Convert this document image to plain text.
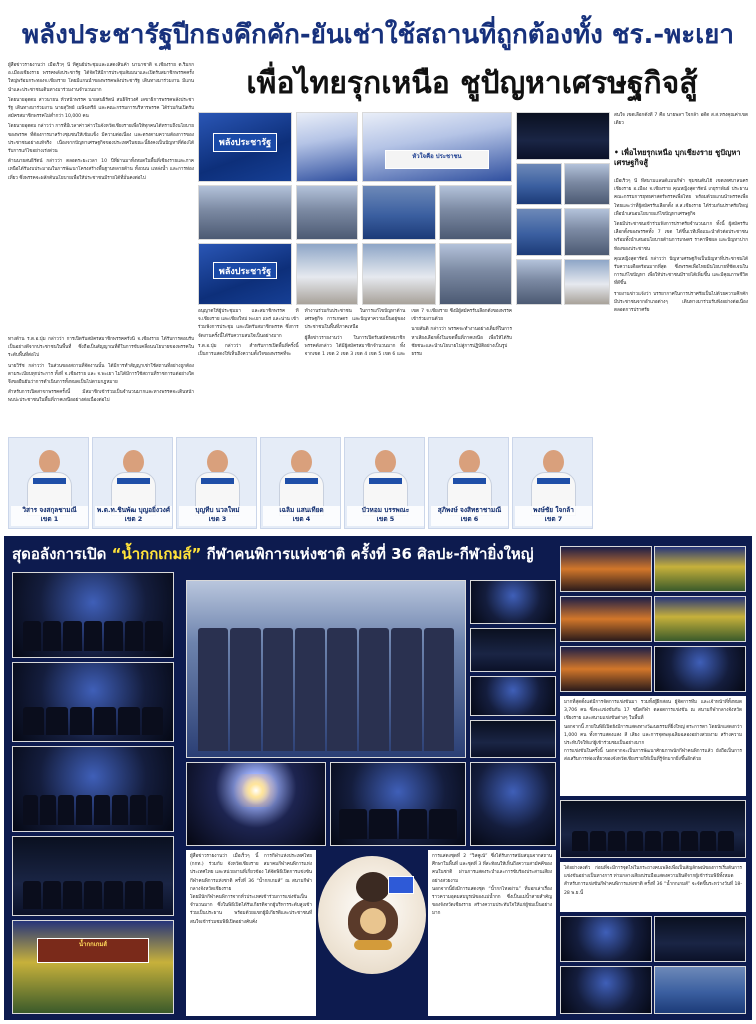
พลังประชารัฐปีกธงคึกคัก-ยันเช่าใช้สถานที่ถูกต้องทั้ง ชร.-พะเยา
เพื่อไทยรุกเหนือ ชูปัญหาเศรษฐกิจสู้

ผู้สื่อข่าวรายงานว่า เมื่อเร็วๆ นี้ ที่ศูนย์ประชุมและแสดงสินค้า นานาชาติ จ.เชียงราย ต.ริมกก อ.เมืองเชียงราย พรรคพลังประชารัฐ ได้จัดให้มีการประชุมสัมมนาและเปิดรับสมาชิกพรรคครั้งใหญ่พร้อมกระทองจ.เชียงราย โดยมีแกนนำของพรรคพลังประชารัฐ เดินทางมาร่วมงาน มีแกนนำและประชาชนเดินทางมาร่วมงานจำนวนมาก

โดยนายอุตตม สาวนายน หัวหน้าพรรค นายสนธิรัตน์ สนธิจิรวงศ์ เลขาธิการพรรคพลังประชารัฐ เดินทางมาร่วมงาน นายสุวิทย์ เมษินทรีย์ และคณะกรรมการบริหารพรรค ได้ร่วมกันเปิดรับสมัครสมาชิกพรรคไม่ต่ำกว่า 10,000 คน

โดยนายอุตตม กล่าวว่า การที่มีเวลาค่าวค่าวในจังหวัดเชียงรายเพื่อให้ทุกคนได้ทราบถึงนโยบายของพรรค ที่ต้องการมาสร้างชุมชนให้เข้มแข็ง มีความต่อเนื่อง และตรงตามความต้องการของประชาชนอย่างแท้จริง เนื่องจากปัญหาเศรษฐกิจของประเทศในขณะนี้ยังคงเป็นปัญหาที่ต้องได้รับการแก้ไขอย่างเร่งด่วน

ด้านนายสนธิรัตน์ กล่าวว่า ตลอดระยะเวลา 10 ปีที่ผ่านมาทั้งหมดในพื้นที่เชียงรายและภาคเหนือได้รับงบประมาณในการพัฒนาโครงสร้างพื้นฐานหลายด้าน ทั้งถนน แหล่งน้ำ และการท่องเที่ยว ซึ่งพรรคจะผลักดันนโยบายเพื่อให้ประชาชนมีรายได้ที่มั่นคงต่อไป

ทางด้าน ร.ต.อ.ปุ่ม กล่าวว่า การเปิดรับสมัครสมาชิกพรรคครั้งนี้ จ.เชียงราย ได้รับการตอบรับเป็นอย่างดีจากประชาชนในพื้นที่ ซึ่งถือเป็นสัญญาณที่ดีในการขับเคลื่อนนโยบายของพรรคในระดับพื้นที่ต่อไป

นายวิรัช กล่าวว่า ในส่วนของสถานที่จัดงานนั้น ได้มีการทำสัญญาเช่าใช้สถานที่อย่างถูกต้องตามระเบียบทุกประการ ทั้งที่ จ.เชียงราย และ จ.พะเยา ไม่ได้มีการใช้สถานที่ราชการแต่อย่างใด จึงขอยืนยันว่าการดำเนินการทั้งหมดเป็นไปตามกฎหมาย

สำหรับการเปิดสาขาพรรคครั้งนี้ มีสมาชิกเข้าร่วมเป็นจำนวนมากและทางพรรคจะเดินหน้าพบปะประชาชนในพื้นที่ภาคเหนืออย่างต่อเนื่องต่อไป

พลังประชารัฐ
หัวใจคือ ประชาชน
พลังประชารัฐ

อนุญาตให้ผู้ประชุมมา และสมาชิกพรรค ที่ จ.เชียงราย และเชียงใหม่ พะเยา แพร่ และน่าน เข้าร่วมฟังการประชุม และเปิดรับสมาชิกพรรค ซึ่งการจัดงานครั้งนี้ได้รับความสนใจเป็นอย่างมาก

ร.ต.อ.ปุ่ม กล่าวว่า สำหรับการเปิดพื้นที่ครั้งนี้เป็นการแสดงให้เห็นถึงความตั้งใจของพรรคที่จะทำงานร่วมกับประชาชน ในการแก้ไขปัญหาด้านเศรษฐกิจ การเกษตร และปัญหาความเป็นอยู่ของประชาชนในพื้นที่ภาคเหนือ

ผู้สื่อข่าวรายงานว่า ในการเปิดรับสมัครสมาชิกพรรคดังกล่าว ได้มีผู้สมัครสมาชิกจำนวนมาก ทั้งจากเขต 1 เขต 2 เขต 3 เขต 4 เขต 5 เขต 6 และ เขต 7 จ.เชียงราย ซึ่งมีผู้สมัครรับเลือกตั้งของพรรคเข้าร่วมงานด้วย

นายสันติ กล่าวว่า พรรคจะทำงานอย่างเต็มที่ในการหาเสียงเลือกตั้งในเขตพื้นที่ภาคเหนือ เพื่อให้ได้รับชัยชนะและนำนโยบายไปสู่การปฏิบัติอย่างเป็นรูปธรรม

สนใจ เขตเลือกตั้งที่ 7 คือ นายพลฯ ใจกล้า อดีต ส.ส.ทรงคุณค่าเขตเดียว

• เพื่อไทยรุกเหนือ บุกเชียงราย ชูปัญหาเศรษฐกิจสู้

เมื่อเร็วๆ นี้ ที่สนามแลนด์แมนกีฬา ชุมชนต้นไฮ้ เขตเทศบาลนครเชียงราย อ.เมือง จ.เชียงราย คุณหญิงสุดารัตน์ เกยุราพันธ์ ประธานคณะกรรมการยุทธศาสตร์พรรคเพื่อไทย พร้อมด้วยแกนนำพรรคเพื่อไทยและว่าที่ผู้สมัครรับเลือกตั้ง ส.ส.เชียงราย ได้ร่วมกันปราศรัยใหญ่เพื่อนำเสนอนโยบายแก้ไขปัญหาเศรษฐกิจ

โดยมีประชาชนเข้าร่วมฟังการปราศรัยจำนวนมาก ทั้งนี้ ผู้สมัครรับเลือกตั้งของพรรคทั้ง 7 เขต ได้ขึ้นเวทีเพื่อแนะนำตัวต่อประชาชน พร้อมทั้งนำเสนอนโยบายด้านการเกษตร ราคาพืชผล และปัญหาปากท้องของประชาชน

คุณหญิงสุดารัตน์ กล่าวว่า ปัญหาเศรษฐกิจเป็นปัญหาที่ประชาชนได้รับความเดือดร้อนมากที่สุด ซึ่งพรรคเพื่อไทยมีนโยบายที่ชัดเจนในการแก้ไขปัญหา เพื่อให้ประชาชนมีรายได้เพิ่มขึ้น และมีคุณภาพชีวิตที่ดีขึ้น

รายงานข่าวแจ้งว่า บรรยากาศในการปราศรัยเป็นไปด้วยความคึกคัก มีประชาชนจากอำเภอต่างๆ เดินทางมาร่วมรับฟังอย่างต่อเนื่อง ตลอดการปราศรัย

วิสาร จงสกุลชามณี
เขต 1
พ.ต.ท.ชินพัฒ บุญอยิ่งวงศ์
เขต 2
บุญทีบ นวลใหม่
เขต 3
เฉลิม แสนเทียด
เขต 4
บัวหอม บรรพณะ
เขต 5
สุภิพงษ์ จงสิทธาชามณี
เขต 6
พงษ์ชัย ใจกล้า
เขต 7
สุดอลังการเปิด “น้ำกกเกมส์” กีฬาคนพิการแห่งชาติ ครั้งที่ 36 ศิลปะ-กีฬายิ่งใหญ่
น้ำกกเกมส์

มากที่สุดตั้งแต่มีการจัดการแข่งขันมา รวมทั้งผู้ฝึกสอน ผู้จัดการทีม และเจ้าหน้าที่ทั้งหมด 3,706 คน ซึ่งจะแข่งขันกัน 17 ชนิดกีฬา ตลอดการแข่งขัน ณ สนามกีฬากลางจังหวัดเชียงราย และสนามแข่งขันต่างๆ ในพื้นที่

นอกจากนี้ ภายในพิธีเปิดยังมีการแสดงทางวัฒนธรรมที่ยิ่งใหญ่ ตระการตา โดยนักแสดงกว่า 1,000 คน ทั้งการแสดงแสง สี เสียง และการจุดพลุเฉลิมฉลองอย่างสวยงาม สร้างความประทับใจให้แก่ผู้เข้าร่วมชมเป็นอย่างมาก

การแข่งขันในครั้งนี้ นอกจากจะเป็นการพัฒนาศักยภาพนักกีฬาคนพิการแล้ว ยังถือเป็นการส่งเสริมการท่องเที่ยวของจังหวัดเชียงรายให้เป็นที่รู้จักมากยิ่งขึ้นอีกด้วย

ผู้สื่อข่าวรายงานว่า เมื่อเร็วๆ นี้ การกีฬาแห่งประเทศไทย (กกท.) ร่วมกับ จังหวัดเชียงราย สมาคมกีฬาคนพิการแห่งประเทศไทย และหน่วยงานที่เกี่ยวข้อง ได้จัดพิธีเปิดการแข่งขันกีฬาคนพิการแห่งชาติ ครั้งที่ 36 “น้ำกกเกมส์” ณ สนามกีฬากลางจังหวัดเชียงราย

โดยมีนักกีฬาคนพิการจากทั่วประเทศเข้าร่วมการแข่งขันเป็นจำนวนมาก ซึ่งในพิธีเปิดได้รับเกียรติจากผู้บริหารระดับสูงเข้าร่วมเป็นประธาน พร้อมด้วยแขกผู้มีเกียรติและประชาชนที่สนใจเข้าร่วมชมพิธีเปิดอย่างคับคั่ง

การแสดงชุดที่ 2 “วิสคูเน้” ซึ่งได้รับการสนับสนุนจากสถานศึกษาในพื้นที่ และชุดที่ 3 ที่สะท้อนให้เห็นถึงความสามัคคีของคนในชาติ ผ่านการแสดงระบำและการขับร้องประสานเสียงอย่างสวยงาม

นอกจากนี้ยังมีการแสดงชุด “น้ำกกไหลผ่าน” ที่บอกเล่าเรื่องราวความอุดมสมบูรณ์ของแม่น้ำกก ซึ่งเป็นแม่น้ำสายสำคัญของจังหวัดเชียงราย สร้างความประทับใจให้แก่ผู้ชมเป็นอย่างมาก

ได้อย่างลงตัว ก่อนที่จะมีการจุดไฟในกระถางคบเพลิงเพื่อเป็นสัญลักษณ์ของการเริ่มต้นการแข่งขันอย่างเป็นทางการ ท่ามกลางเสียงปรบมือแสดงความยินดีจากผู้เข้าร่วมพิธีทั้งหมด

สำหรับการแข่งขันกีฬาคนพิการแห่งชาติ ครั้งที่ 36 “น้ำกกเกมส์” จะจัดขึ้นระหว่างวันที่ 18-28 พ.ย.นี้
